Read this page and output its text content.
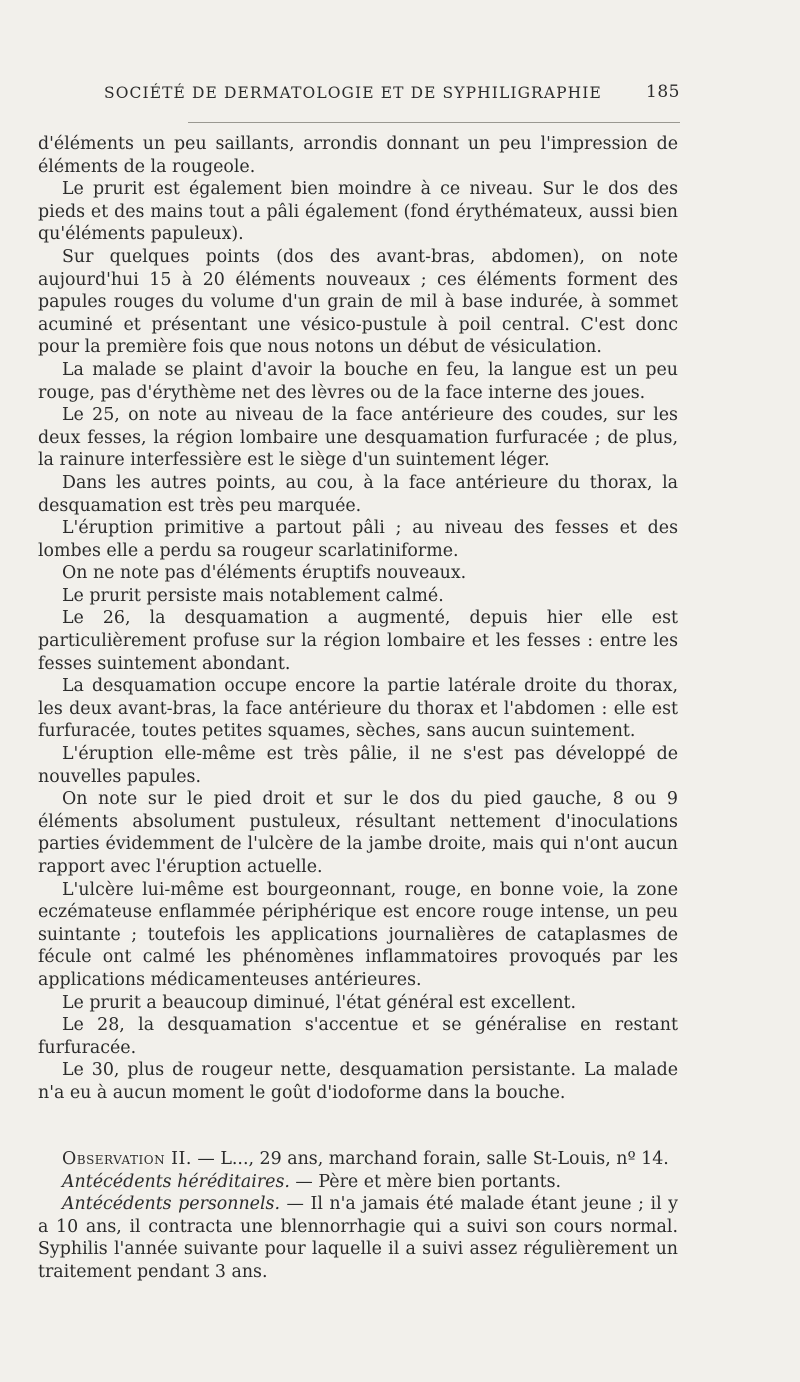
SOCIÉTÉ DE DERMATOLOGIE ET DE SYPHILIGRAPHIE	185

d'éléments un peu saillants, arrondis donnant un peu l'impression de éléments de la rougeole.

Le prurit est également bien moindre à ce niveau. Sur le dos des pieds et des mains tout a pâli également (fond érythémateux, aussi bien qu'éléments papuleux).

Sur quelques points (dos des avant-bras, abdomen), on note aujourd'hui 15 à 20 éléments nouveaux ; ces éléments forment des papules rouges du volume d'un grain de mil à base indurée, à sommet acuminé et présentant une vésico-pustule à poil central. C'est donc pour la première fois que nous notons un début de vésiculation.

La malade se plaint d'avoir la bouche en feu, la langue est un peu rouge, pas d'érythème net des lèvres ou de la face interne des joues.

Le 25, on note au niveau de la face antérieure des coudes, sur les deux fesses, la région lombaire une desquamation furfuracée ; de plus, la rainure interfessière est le siège d'un suintement léger.

Dans les autres points, au cou, à la face antérieure du thorax, la desquamation est très peu marquée.

L'éruption primitive a partout pâli ; au niveau des fesses et des lombes elle a perdu sa rougeur scarlatiniforme.

On ne note pas d'éléments éruptifs nouveaux.

Le prurit persiste mais notablement calmé.

Le 26, la desquamation a augmenté, depuis hier elle est particulièrement profuse sur la région lombaire et les fesses : entre les fesses suintement abondant.

La desquamation occupe encore la partie latérale droite du thorax, les deux avant-bras, la face antérieure du thorax et l'abdomen : elle est furfuracée, toutes petites squames, sèches, sans aucun suintement.

L'éruption elle-même est très pâlie, il ne s'est pas développé de nouvelles papules.

On note sur le pied droit et sur le dos du pied gauche, 8 ou 9 éléments absolument pustuleux, résultant nettement d'inoculations parties évidemment de l'ulcère de la jambe droite, mais qui n'ont aucun rapport avec l'éruption actuelle.

L'ulcère lui-même est bourgeonnant, rouge, en bonne voie, la zone eczémateuse enflammée périphérique est encore rouge intense, un peu suintante ; toutefois les applications journalières de cataplasmes de fécule ont calmé les phénomènes inflammatoires provoqués par les applications médicamenteuses antérieures.

Le prurit a beaucoup diminué, l'état général est excellent.

Le 28, la desquamation s'accentue et se généralise en restant furfuracée.

Le 30, plus de rougeur nette, desquamation persistante. La malade n'a eu à aucun moment le goût d'iodoforme dans la bouche.

Observation II. — L..., 29 ans, marchand forain, salle St-Louis, nº 14.

Antécédents héréditaires. — Père et mère bien portants.

Antécédents personnels. — Il n'a jamais été malade étant jeune ; il y a 10 ans, il contracta une blennorrhagie qui a suivi son cours normal. Syphilis l'année suivante pour laquelle il a suivi assez régulièrement un traitement pendant 3 ans.
